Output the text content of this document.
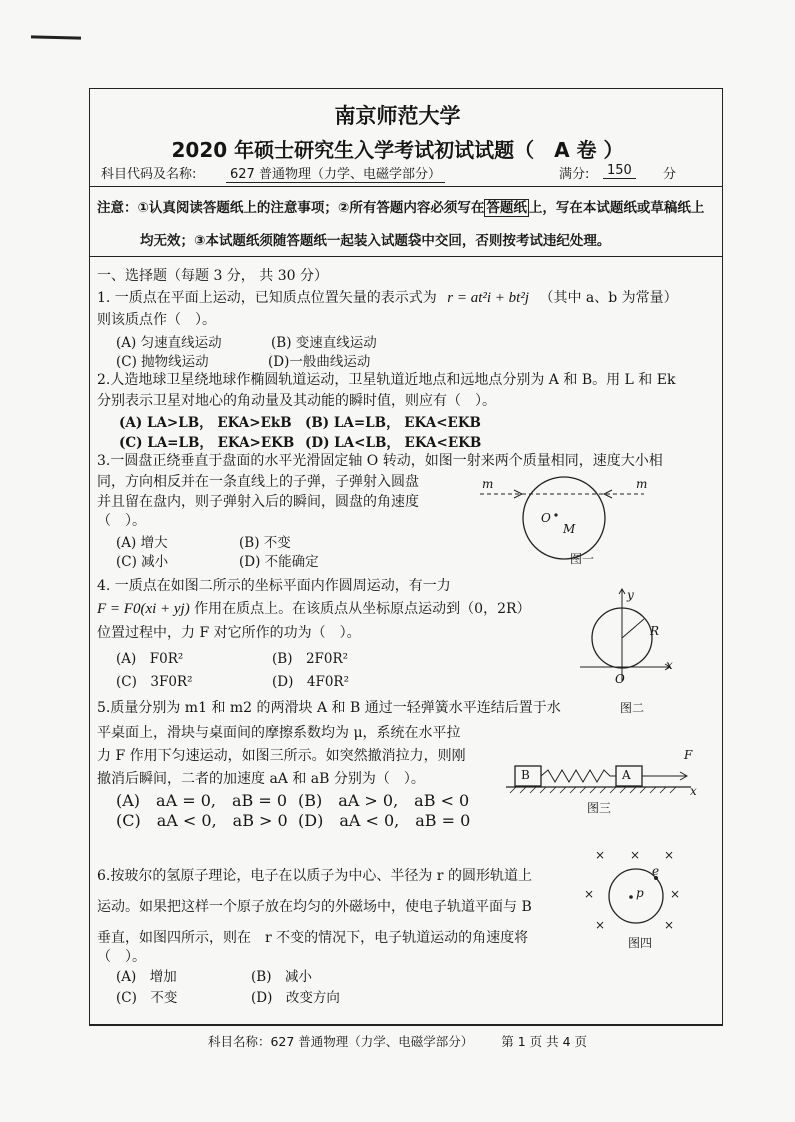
南京师范大学
2020 年硕士研究生入学考试初试试题（　A 卷 ）
科目代码及名称:	627 普通物理（力学、电磁学部分）	满分:	150	分
注意：①认真阅读答题纸上的注意事项；②所有答题内容必须写在 答题纸 上，写在本试题纸或草稿纸上
均无效；③本试题纸须随答题纸一起装入试题袋中交回，否则按考试违纪处理。
一、选择题（每题 3 分， 共 30 分）
1. 一质点在平面上运动，已知质点位置矢量的表示式为 r = at²i + bt²j （其中 a、b 为常量）
则该质点作（　）。
(A) 匀速直线运动	(B) 变速直线运动
(C) 抛物线运动	(D)一般曲线运动
2.人造地球卫星绕地球作椭圆轨道运动，卫星轨道近地点和远地点分别为 A 和 B。用 L 和 Ek
分别表示卫星对地心的角动量及其动能的瞬时值，则应有（　）。
(A) LA>LB， EKA>EkB (B) LA=LB， EKA<EKB
(C) LA=LB， EKA>EKB (D) LA<LB， EKA<EKB
3.一圆盘正绕垂直于盘面的水平光滑固定轴 O 转动，如图一射来两个质量相同，速度大小相
同，方向相反并在一条直线上的子弹，子弹射入圆盘
并且留在盘内，则子弹射入后的瞬间，圆盘的角速度
（　）。
(A) 增大	(B) 不变
(C) 减小	(D) 不能确定
m	m
O
M
图一
4. 一质点在如图二所示的坐标平面内作圆周运动，有一力
F = F0(xi + yj) 作用在质点上。在该质点从坐标原点运动到（0，2R）
位置过程中，力 F 对它所作的功为（　）。
(A)　F0R²	(B)　2F0R²
(C)　3F0R²	(D)　4F0R²
y
x
R
O
图二
5.质量分别为 m1 和 m2 的两滑块 A 和 B 通过一轻弹簧水平连结后置于水
平桌面上，滑块与桌面间的摩擦系数均为 μ，系统在水平拉
力 F 作用下匀速运动，如图三所示。如突然撤消拉力，则刚
撤消后瞬间，二者的加速度 aA 和 aB 分别为（　）。
(A)　aA = 0,　aB = 0 (B)　aA > 0,　aB < 0
(C)　aA < 0,　aB > 0 (D)　aA < 0,　aB = 0
B	A
F
x
图三
6.按玻尔的氢原子理论，电子在以质子为中心、半径为 r 的圆形轨道上
运动。如果把这样一个原子放在均匀的外磁场中，使电子轨道平面与 B
垂直，如图四所示，则在　r 不变的情况下，电子轨道运动的角速度将
（　）。
(A)　增加	(B)　减小
(C)　不变	(D)　改变方向
× × ×
×	×
×	×
e
p
图四
科目名称：627 普通物理（力学、电磁学部分） 第 1 页 共 4 页
